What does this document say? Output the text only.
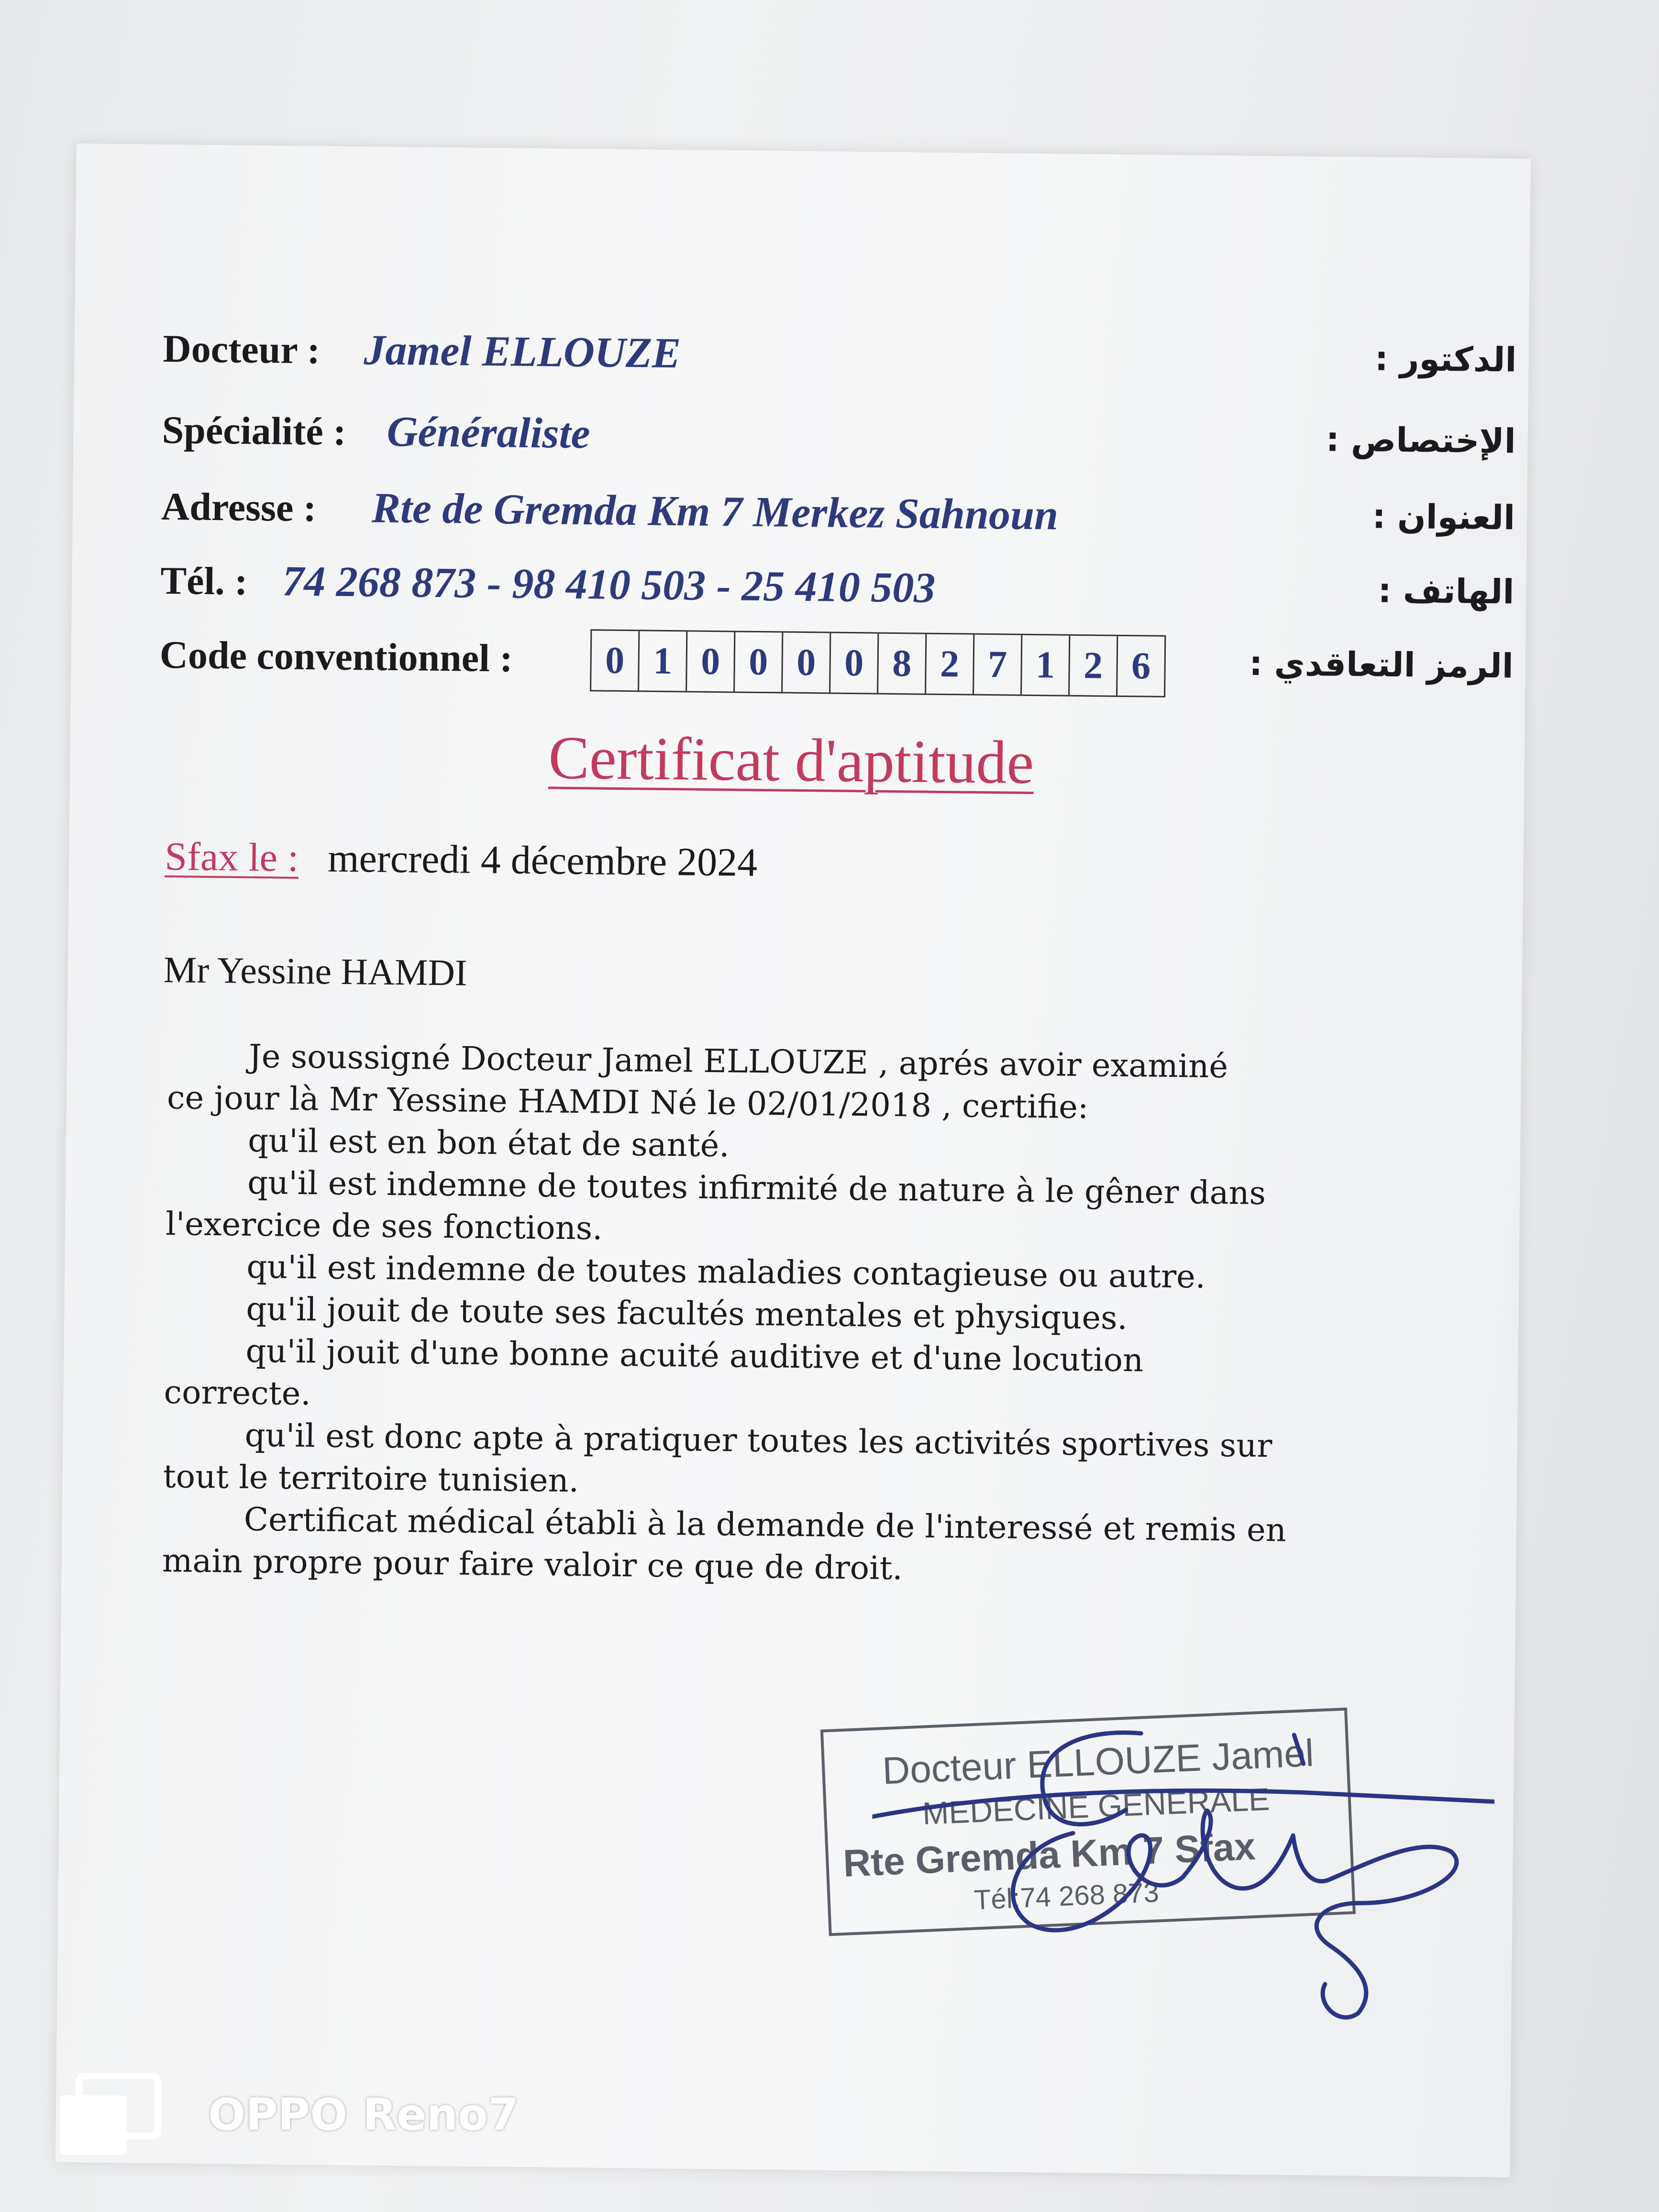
Docteur : Jamel ELLOUZE	الدكتور :
Spécialité : Généraliste	الإختصاص :
Adresse : Rte de Gremda Km 7 Merkez Sahnoun	العنوان :
Tél. : 74 268 873 - 98 410 503 - 25 410 503	الهاتف :
Code conventionnel :	0 1 0 0 0 0 8 2 7 1 2 6	الرمز التعاقدي :
Certificat d'aptitude
Sfax le : mercredi 4 décembre 2024
Mr Yessine HAMDI

Je soussigné Docteur Jamel ELLOUZE , aprés avoir examiné

ce jour là Mr Yessine HAMDI Né le 02/01/2018 , certifie:

qu'il est en bon état de santé.

qu'il est indemne de toutes infirmité de nature à le gêner dans

l'exercice de ses fonctions.

qu'il est indemne de toutes maladies contagieuse ou autre.

qu'il jouit de toute ses facultés mentales et physiques.

qu'il jouit d'une bonne acuité auditive et d'une locution

correcte.

qu'il est donc apte à pratiquer toutes les activités sportives sur

tout le territoire tunisien.

Certificat médical établi à la demande de l'interessé et remis en

main propre pour faire valoir ce que de droit.

Docteur ELLOUZE Jamel
MEDECINE GENERALE
Rte Gremda Km 7 Sfax
Tél:74 268 873
OPPO Reno7
